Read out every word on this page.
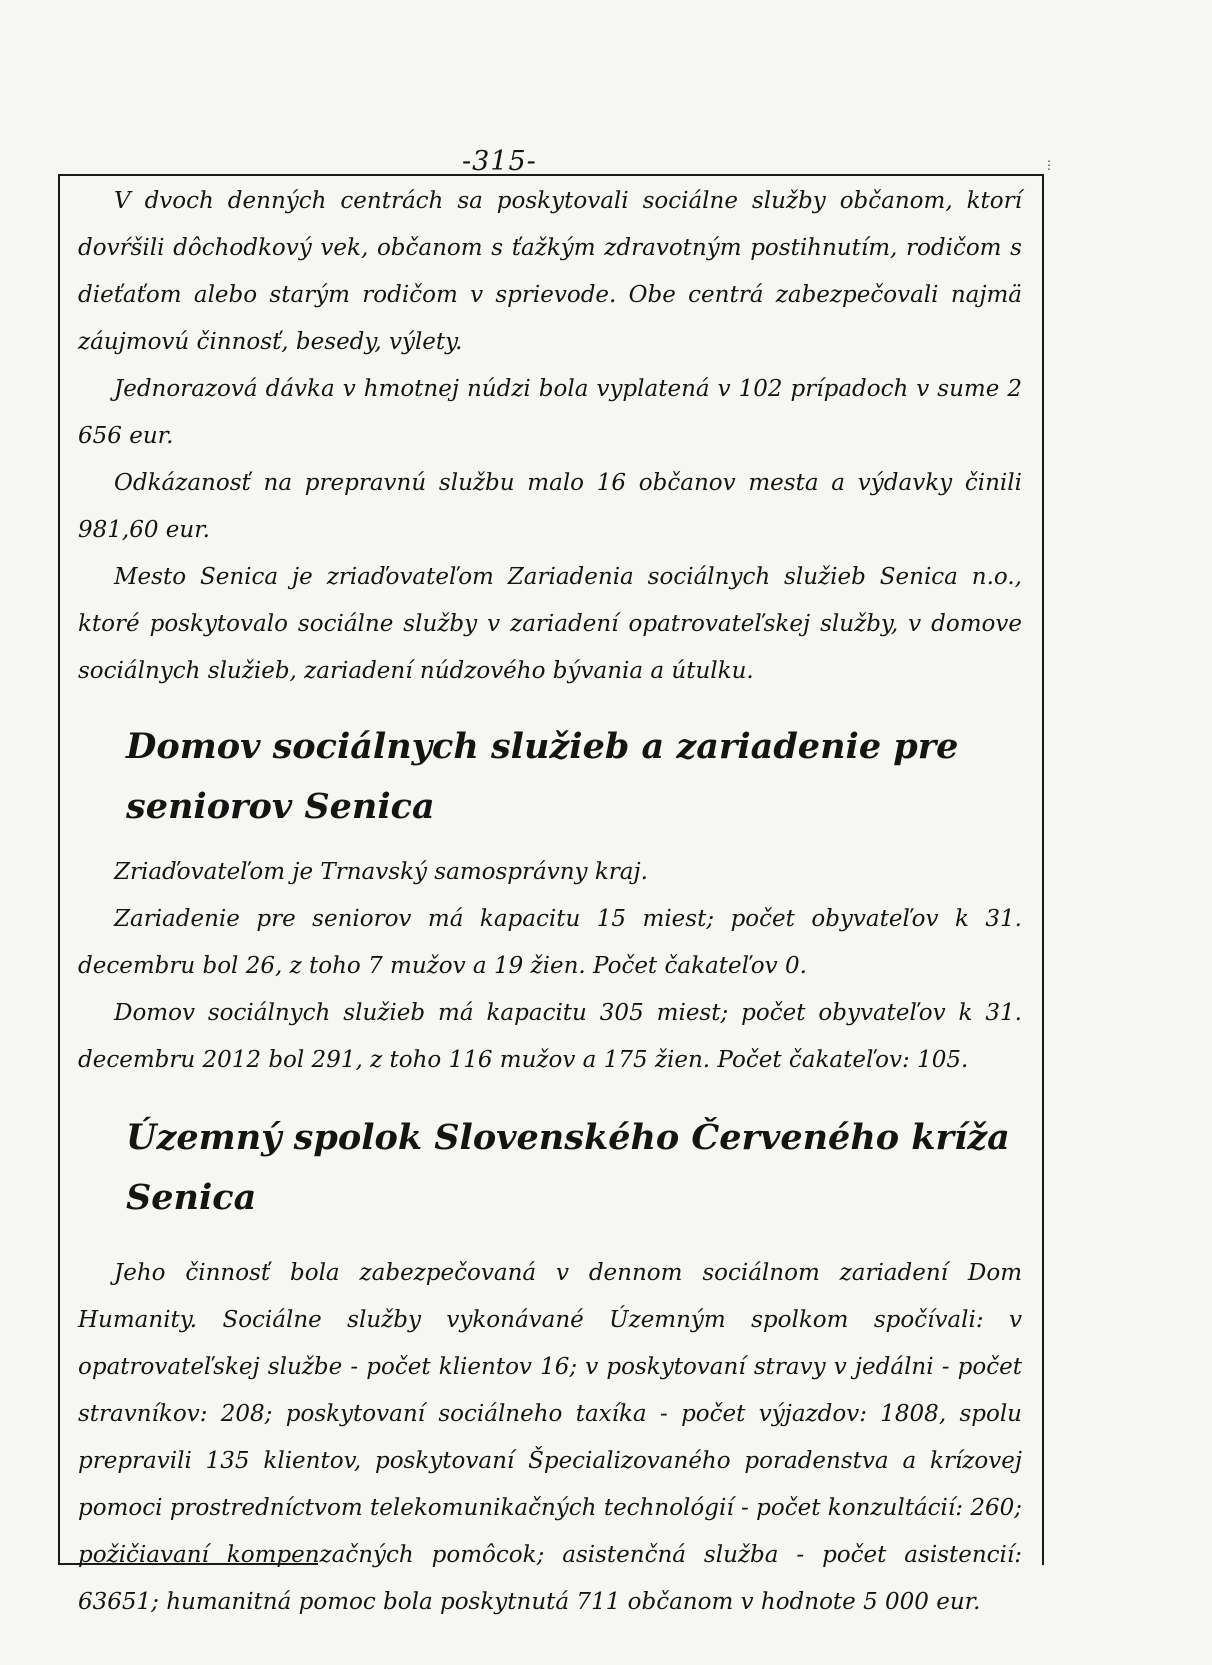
-315-	⋮

V dvoch denných centrách sa poskytovali sociálne služby občanom, ktorí dovŕšili dôchodkový vek, občanom s ťažkým zdravotným postihnutím, rodičom s dieťaťom alebo starým rodičom v sprievode. Obe centrá zabezpečovali najmä záujmovú činnosť, besedy, výlety.

Jednorazová dávka v hmotnej núdzi bola vyplatená v 102 prípadoch v sume 2 656 eur.

Odkázanosť na prepravnú službu malo 16 občanov mesta a výdavky činili 981,60 eur.

Mesto Senica je zriaďovateľom Zariadenia sociálnych služieb Senica n.o., ktoré poskytovalo sociálne služby v zariadení opatrovateľskej služby, v domove sociálnych služieb, zariadení núdzového bývania a útulku.

Domov sociálnych služieb a zariadenie pre seniorov Senica

Zriaďovateľom je Trnavský samosprávny kraj.

Zariadenie pre seniorov má kapacitu 15 miest; počet obyvateľov k 31. decembru bol 26, z toho 7 mužov a 19 žien. Počet čakateľov 0.

Domov sociálnych služieb má kapacitu 305 miest; počet obyvateľov k 31. decembru 2012 bol 291, z toho 116 mužov a 175 žien. Počet čakateľov: 105.

Územný spolok Slovenského Červeného kríža Senica

Jeho činnosť bola zabezpečovaná v dennom sociálnom zariadení Dom Humanity. Sociálne služby vykonávané Územným spolkom spočívali: v opatrovateľskej službe - počet klientov 16; v poskytovaní stravy v jedálni - počet stravníkov: 208; poskytovaní sociálneho taxíka - počet výjazdov: 1808, spolu prepravili 135 klientov, poskytovaní Špecializovaného poradenstva a krízovej pomoci prostredníctvom telekomunikačných technológií - počet konzultácií: 260; požičiavaní kompenzačných pomôcok; asistenčná služba - počet asistencií: 63651; humanitná pomoc bola poskytnutá 711 občanom v hodnote 5 000 eur.
